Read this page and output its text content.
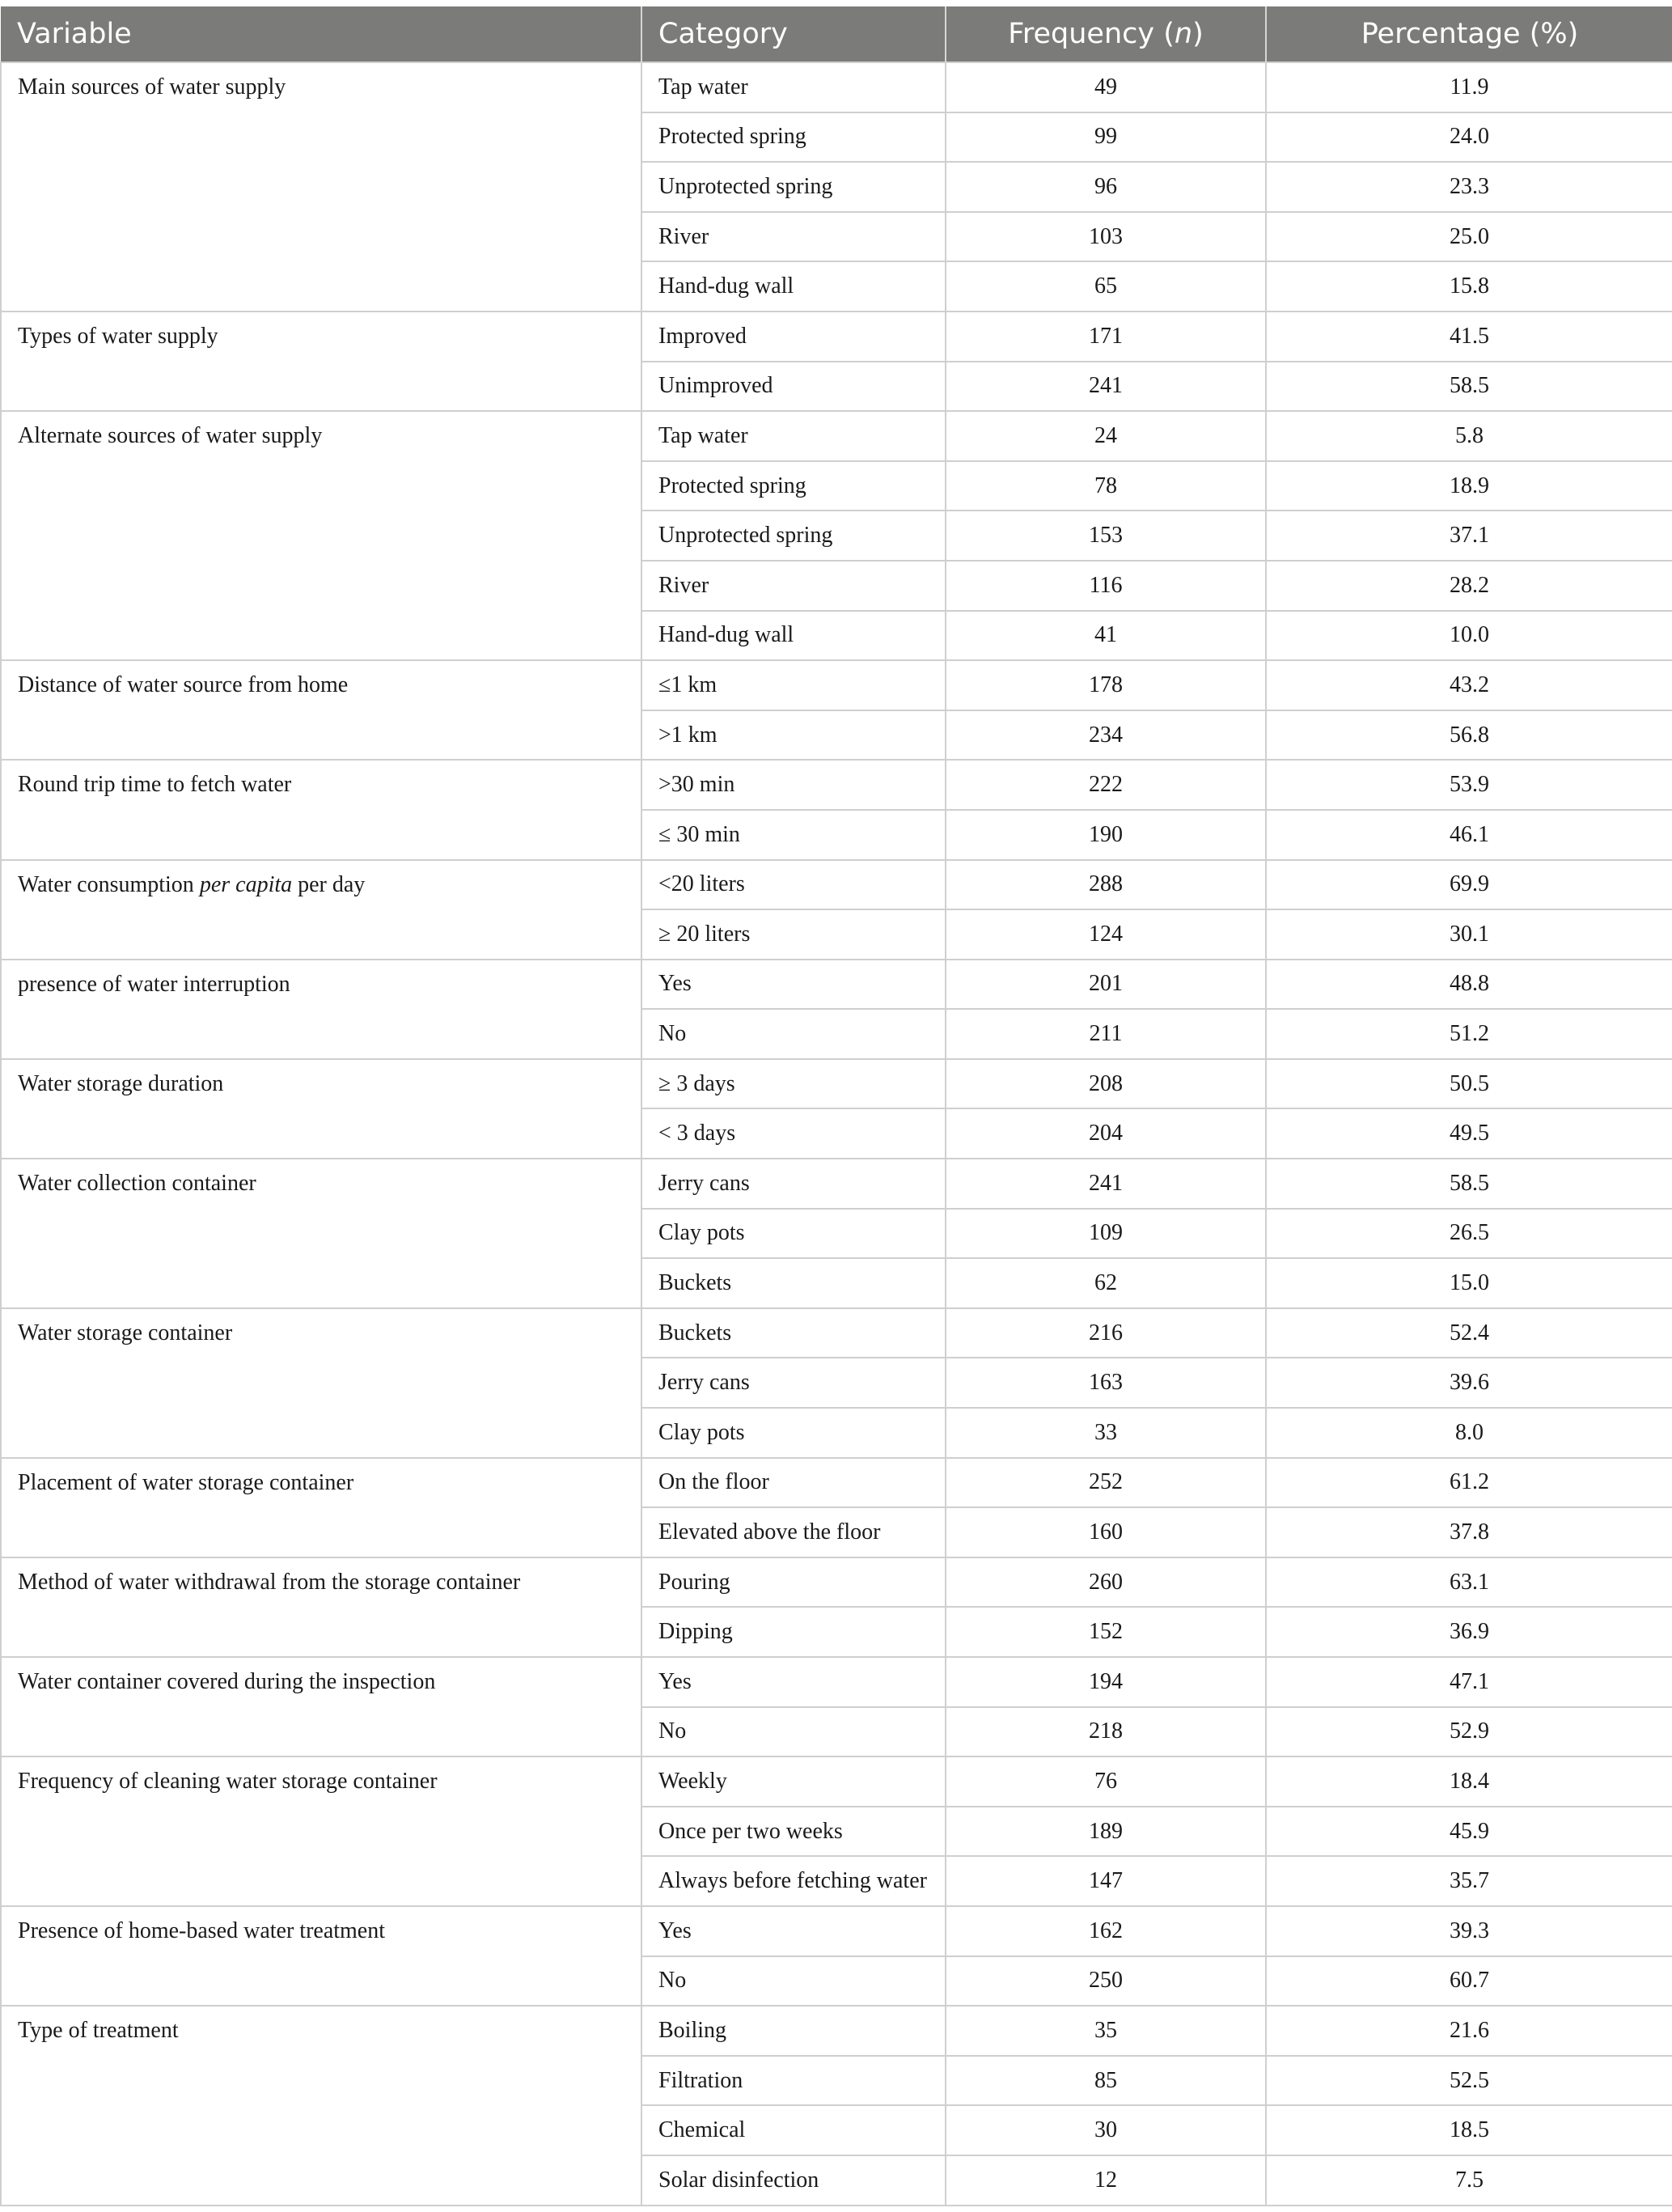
Variable	Category	Frequency (n)	Percentage (%)
Main sources of water supply	Tap water	49	11.9
	Protected spring	99	24.0
	Unprotected spring	96	23.3
	River	103	25.0
	Hand-dug wall	65	15.8
Types of water supply	Improved	171	41.5
	Unimproved	241	58.5
Alternate sources of water supply	Tap water	24	5.8
	Protected spring	78	18.9
	Unprotected spring	153	37.1
	River	116	28.2
	Hand-dug wall	41	10.0
Distance of water source from home	≤1 km	178	43.2
	>1 km	234	56.8
Round trip time to fetch water	>30 min	222	53.9
	≤ 30 min	190	46.1
Water consumption per capita per day	<20 liters	288	69.9
	≥ 20 liters	124	30.1
presence of water interruption	Yes	201	48.8
	No	211	51.2
Water storage duration	≥ 3 days	208	50.5
	< 3 days	204	49.5
Water collection container	Jerry cans	241	58.5
	Clay pots	109	26.5
	Buckets	62	15.0
Water storage container	Buckets	216	52.4
	Jerry cans	163	39.6
	Clay pots	33	8.0
Placement of water storage container	On the floor	252	61.2
	Elevated above the floor	160	37.8
Method of water withdrawal from the storage container	Pouring	260	63.1
	Dipping	152	36.9
Water container covered during the inspection	Yes	194	47.1
	No	218	52.9
Frequency of cleaning water storage container	Weekly	76	18.4
	Once per two weeks	189	45.9
	Always before fetching water	147	35.7
Presence of home-based water treatment	Yes	162	39.3
	No	250	60.7
Type of treatment	Boiling	35	21.6
	Filtration	85	52.5
	Chemical	30	18.5
	Solar disinfection	12	7.5
